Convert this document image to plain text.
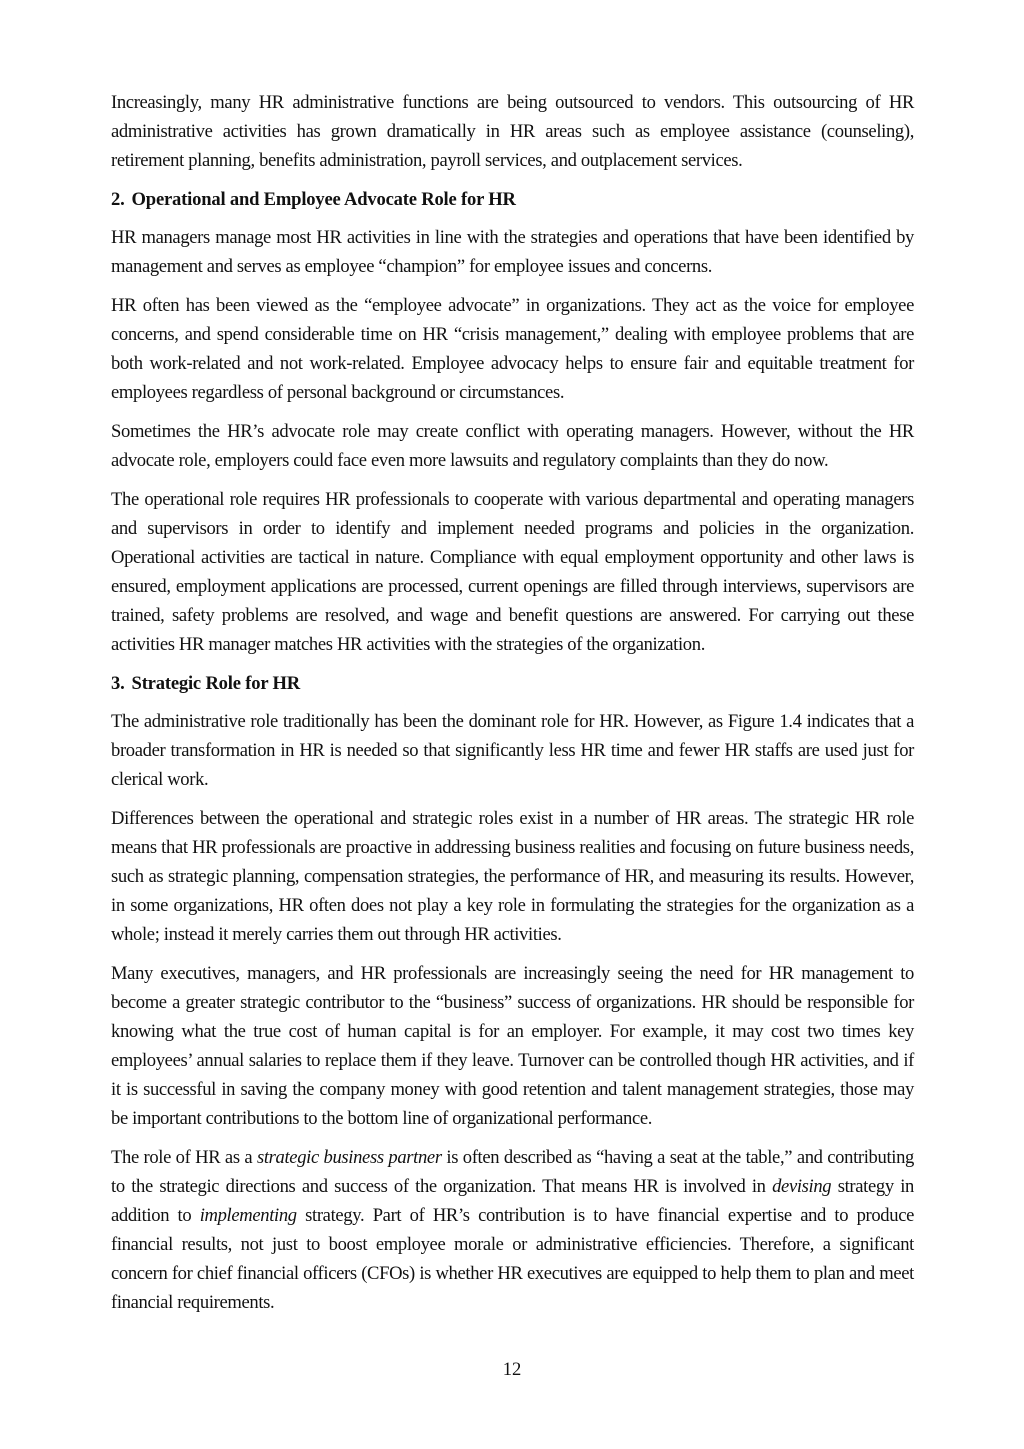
Increasingly, many HR administrative functions are being outsourced to vendors. This outsourcing of HR administrative activities has grown dramatically in HR areas such as employee assistance (counseling), retirement planning, benefits administration, payroll services, and outplacement services.

2. Operational and Employee Advocate Role for HR

HR managers manage most HR activities in line with the strategies and operations that have been identified by management and serves as employee “champion” for employee issues and concerns.

HR often has been viewed as the “employee advocate” in organizations. They act as the voice for employee concerns, and spend considerable time on HR “crisis management,” dealing with employee problems that are both work-related and not work-related. Employee advocacy helps to ensure fair and equitable treatment for employees regardless of personal background or circumstances.

Sometimes the HR’s advocate role may create conflict with operating managers. However, without the HR advocate role, employers could face even more lawsuits and regulatory complaints than they do now.

The operational role requires HR professionals to cooperate with various departmental and operating managers and supervisors in order to identify and implement needed programs and policies in the organization. Operational activities are tactical in nature. Compliance with equal employment opportunity and other laws is ensured, employment applications are processed, current openings are filled through interviews, supervisors are trained, safety problems are resolved, and wage and benefit questions are answered. For carrying out these activities HR manager matches HR activities with the strategies of the organization.

3. Strategic Role for HR

The administrative role traditionally has been the dominant role for HR. However, as Figure 1.4 indicates that a broader transformation in HR is needed so that significantly less HR time and fewer HR staffs are used just for clerical work.

Differences between the operational and strategic roles exist in a number of HR areas. The strategic HR role means that HR professionals are proactive in addressing business realities and focusing on future business needs, such as strategic planning, compensation strategies, the performance of HR, and measuring its results. However, in some organizations, HR often does not play a key role in formulating the strategies for the organization as a whole; instead it merely carries them out through HR activities.

Many executives, managers, and HR professionals are increasingly seeing the need for HR management to become a greater strategic contributor to the “business” success of organizations. HR should be responsible for knowing what the true cost of human capital is for an employer. For example, it may cost two times key employees’ annual salaries to replace them if they leave. Turnover can be controlled though HR activities, and if it is successful in saving the company money with good retention and talent management strategies, those may be important contributions to the bottom line of organizational performance.

The role of HR as a strategic business partner is often described as “having a seat at the table,” and contributing to the strategic directions and success of the organization. That means HR is involved in devising strategy in addition to implementing strategy. Part of HR’s contribution is to have financial expertise and to produce financial results, not just to boost employee morale or administrative efficiencies. Therefore, a significant concern for chief financial officers (CFOs) is whether HR executives are equipped to help them to plan and meet financial requirements.

12
